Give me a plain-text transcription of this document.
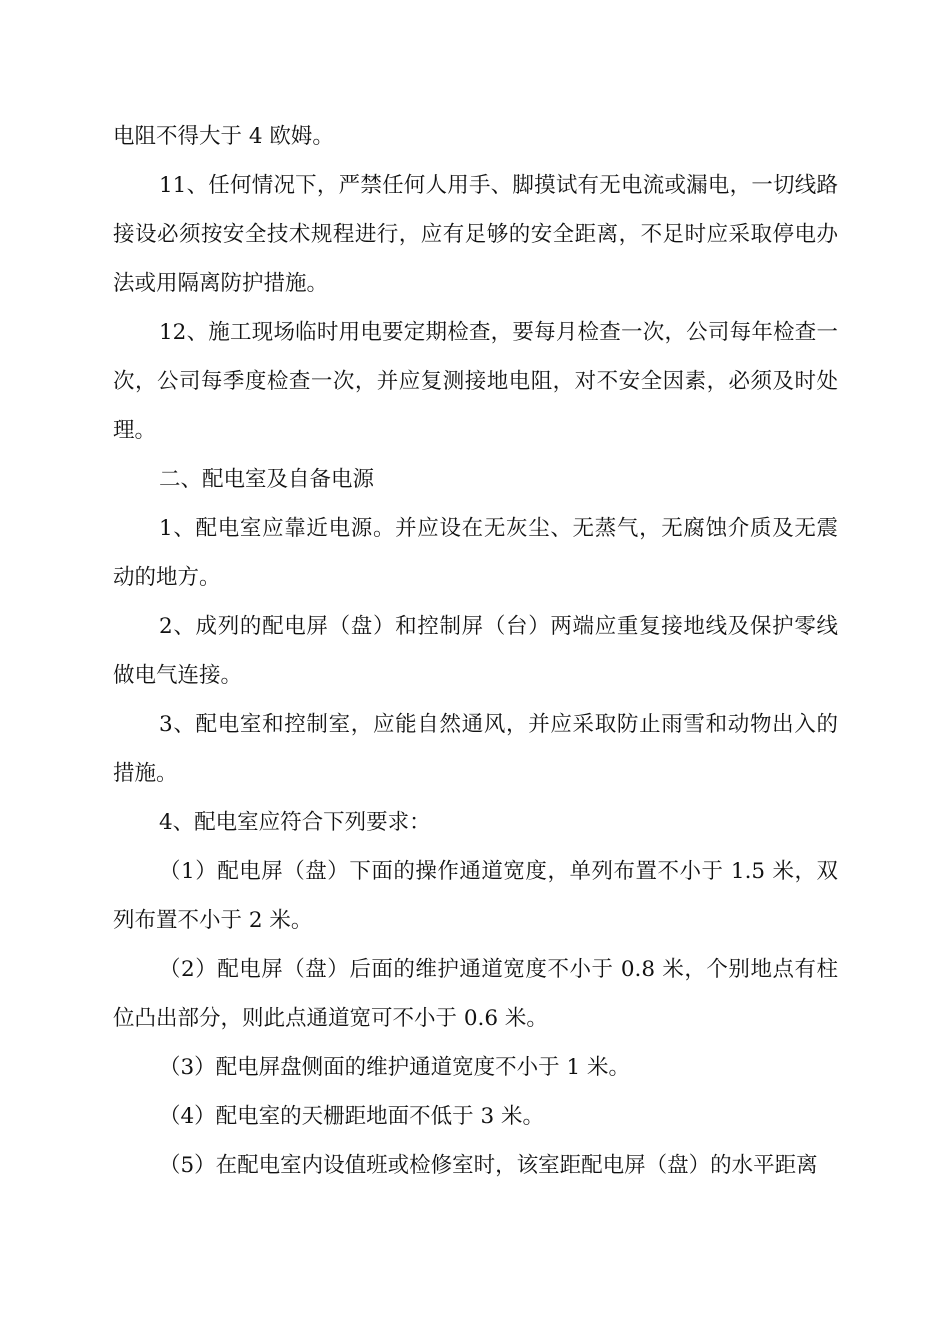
电阻不得大于 4 欧姆。

11、任何情况下，严禁任何人用手、脚摸试有无电流或漏电，一切线路接设必须按安全技术规程进行，应有足够的安全距离，不足时应采取停电办法或用隔离防护措施。

12、施工现场临时用电要定期检查，要每月检查一次，公司每年检查一次，公司每季度检查一次，并应复测接地电阻，对不安全因素，必须及时处理。

二、配电室及自备电源

1、配电室应靠近电源。并应设在无灰尘、无蒸气，无腐蚀介质及无震动的地方。

2、成列的配电屏（盘）和控制屏（台）两端应重复接地线及保护零线做电气连接。

3、配电室和控制室，应能自然通风，并应采取防止雨雪和动物出入的措施。

4、配电室应符合下列要求：

（1）配电屏（盘）下面的操作通道宽度，单列布置不小于 1.5 米，双列布置不小于 2 米。

（2）配电屏（盘）后面的维护通道宽度不小于 0.8 米，个别地点有柱位凸出部分，则此点通道宽可不小于 0.6 米。

（3）配电屏盘侧面的维护通道宽度不小于 1 米。

（4）配电室的天栅距地面不低于 3 米。

（5）在配电室内设值班或检修室时，该室距配电屏（盘）的水平距离
